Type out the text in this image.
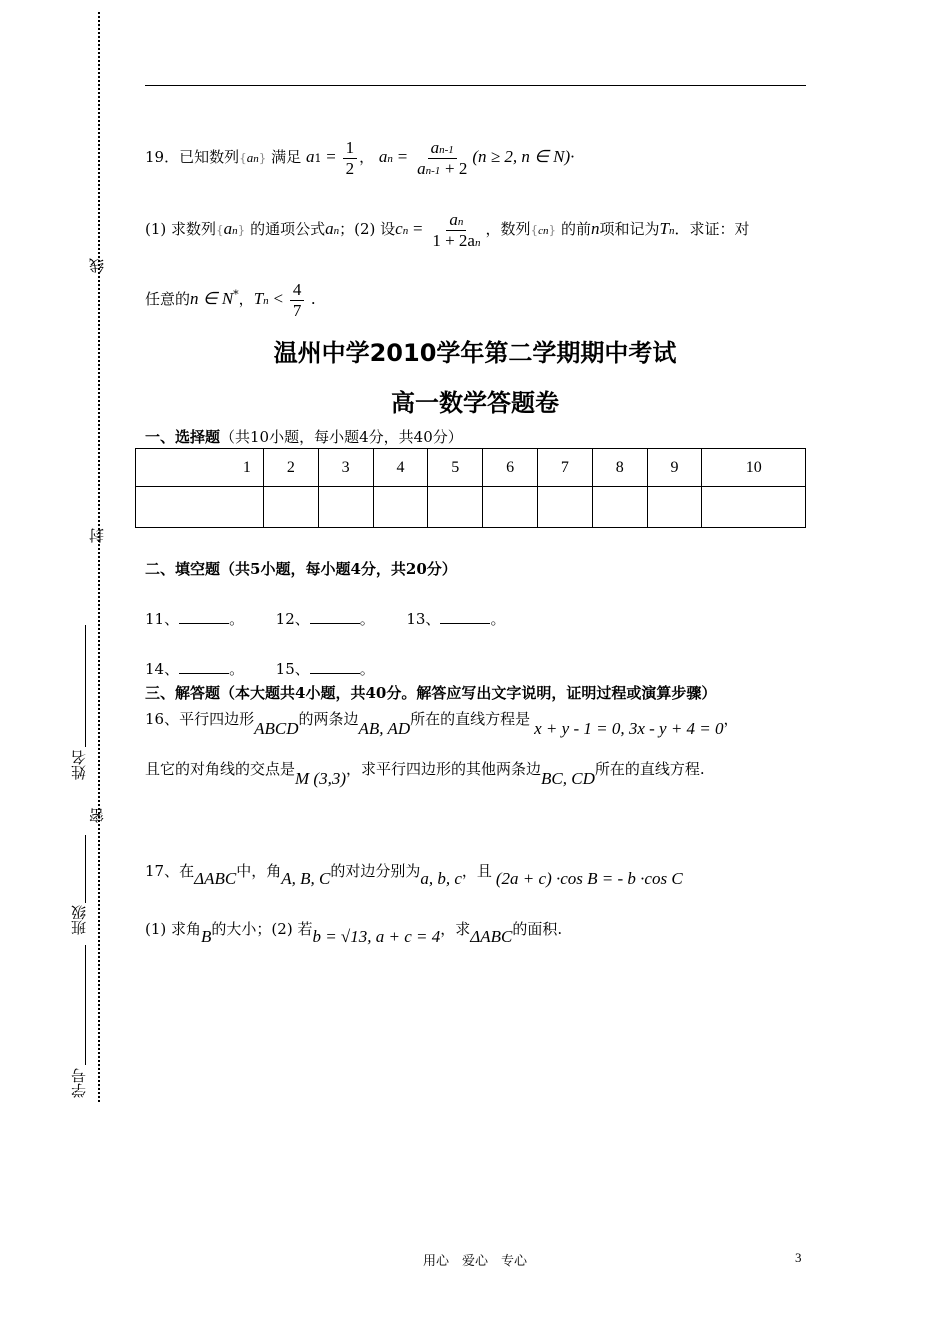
线
封
密
姓名
班级
学号
19．已知数列{an} 满足 $a1 = \frac{1}{2}$ ， an = $\frac{an-1}{an-1 + 2} (n \ge 2$, n ∈ N)·
(1) 求数列{an} 的通项公式an；(2) 设cn = $\frac{an}{1 + 2an}$ ，数列{cn} 的前n项和记为Tn．求证：对
任意的n ∈ N*，$Tn < \frac{4}{7}$ .
温州中学2010学年第二学期期中考试
高一数学答题卷
一、选择题（共10小题，每小题4分，共40分）
1	2	3	4	5	6	7	8	9	10

二、填空题（共5小题，每小题4分，共20分）
11、	。 12、	。 13、	。
14、	。 15、	。
三、解答题（本大题共4小题，共40分。解答应写出文字说明，证明过程或演算步骤）
16、平行四边形ABCD的两条边AB, AD所在的直线方程是 x + y - 1 = 0, 3x - y + 4 = 0，
且它的对角线的交点是M (3,3)，求平行四边形的其他两条边BC, CD所在的直线方程.
17、在ΔABC中，角A, B, C的对边分别为a, b, c，且 (2a + c) ·cos B = - b ·cos C
(1) 求角B的大小；(2) 若b = √13, a + c = 4，求ΔABC的面积.
用心　爱心　专心	3
